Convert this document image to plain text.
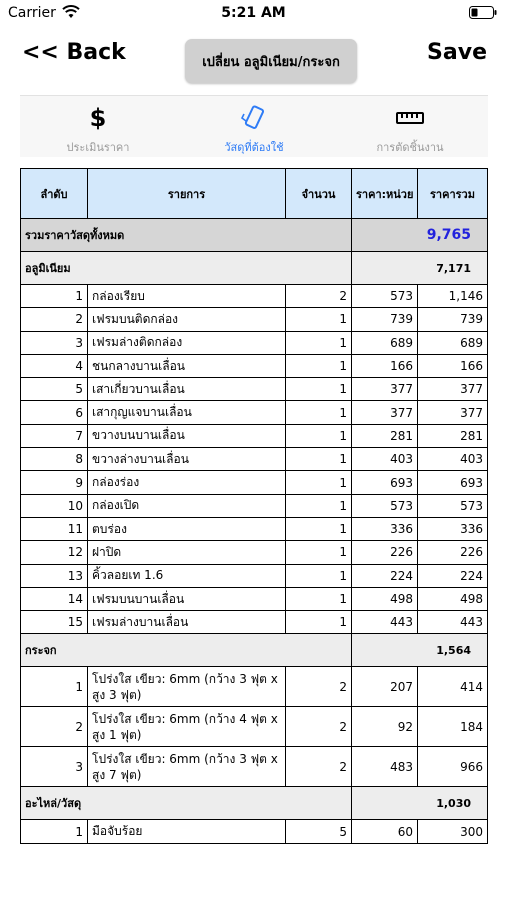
Carrier	5:21 AM
<< Back	เปลี่ยน อลูมิเนียม/กระจก	Save
$
ประเมินราคา	วัสดุที่ต้องใช้	การตัดชิ้นงาน
ลำดับ	รายการ	จำนวน	ราคา:หน่วย	ราคารวม
รวมราคาวัสดุทั้งหมด			9,765	
อลูมิเนียม			7,171	
1	กล่องเรียบ	2	573	1,146
2	เฟรมบนติดกล่อง	1	739	739
3	เฟรมล่างติดกล่อง	1	689	689
4	ชนกลางบานเลื่อน	1	166	166
5	เสาเกี่ยวบานเลื่อน	1	377	377
6	เสากุญแจบานเลื่อน	1	377	377
7	ขวางบนบานเลื่อน	1	281	281
8	ขวางล่างบานเลื่อน	1	403	403
9	กล่องร่อง	1	693	693
10	กล่องเปิด	1	573	573
11	ตบร่อง	1	336	336
12	ฝาปิด	1	226	226
13	คิ้วลอยเท 1.6	1	224	224
14	เฟรมบนบานเลื่อน	1	498	498
15	เฟรมล่างบานเลื่อน	1	443	443
กระจก			1,564	
1	โปร่งใส เขียว: 6mm (กว้าง 3 ฟุต x สูง 3 ฟุต)	2	207	414
2	โปร่งใส เขียว: 6mm (กว้าง 4 ฟุต x สูง 1 ฟุต)	2	92	184
3	โปร่งใส เขียว: 6mm (กว้าง 3 ฟุต x สูง 7 ฟุต)	2	483	966
อะไหล่/วัสดุ			1,030	
1	มือจับร้อย	5	60	300
